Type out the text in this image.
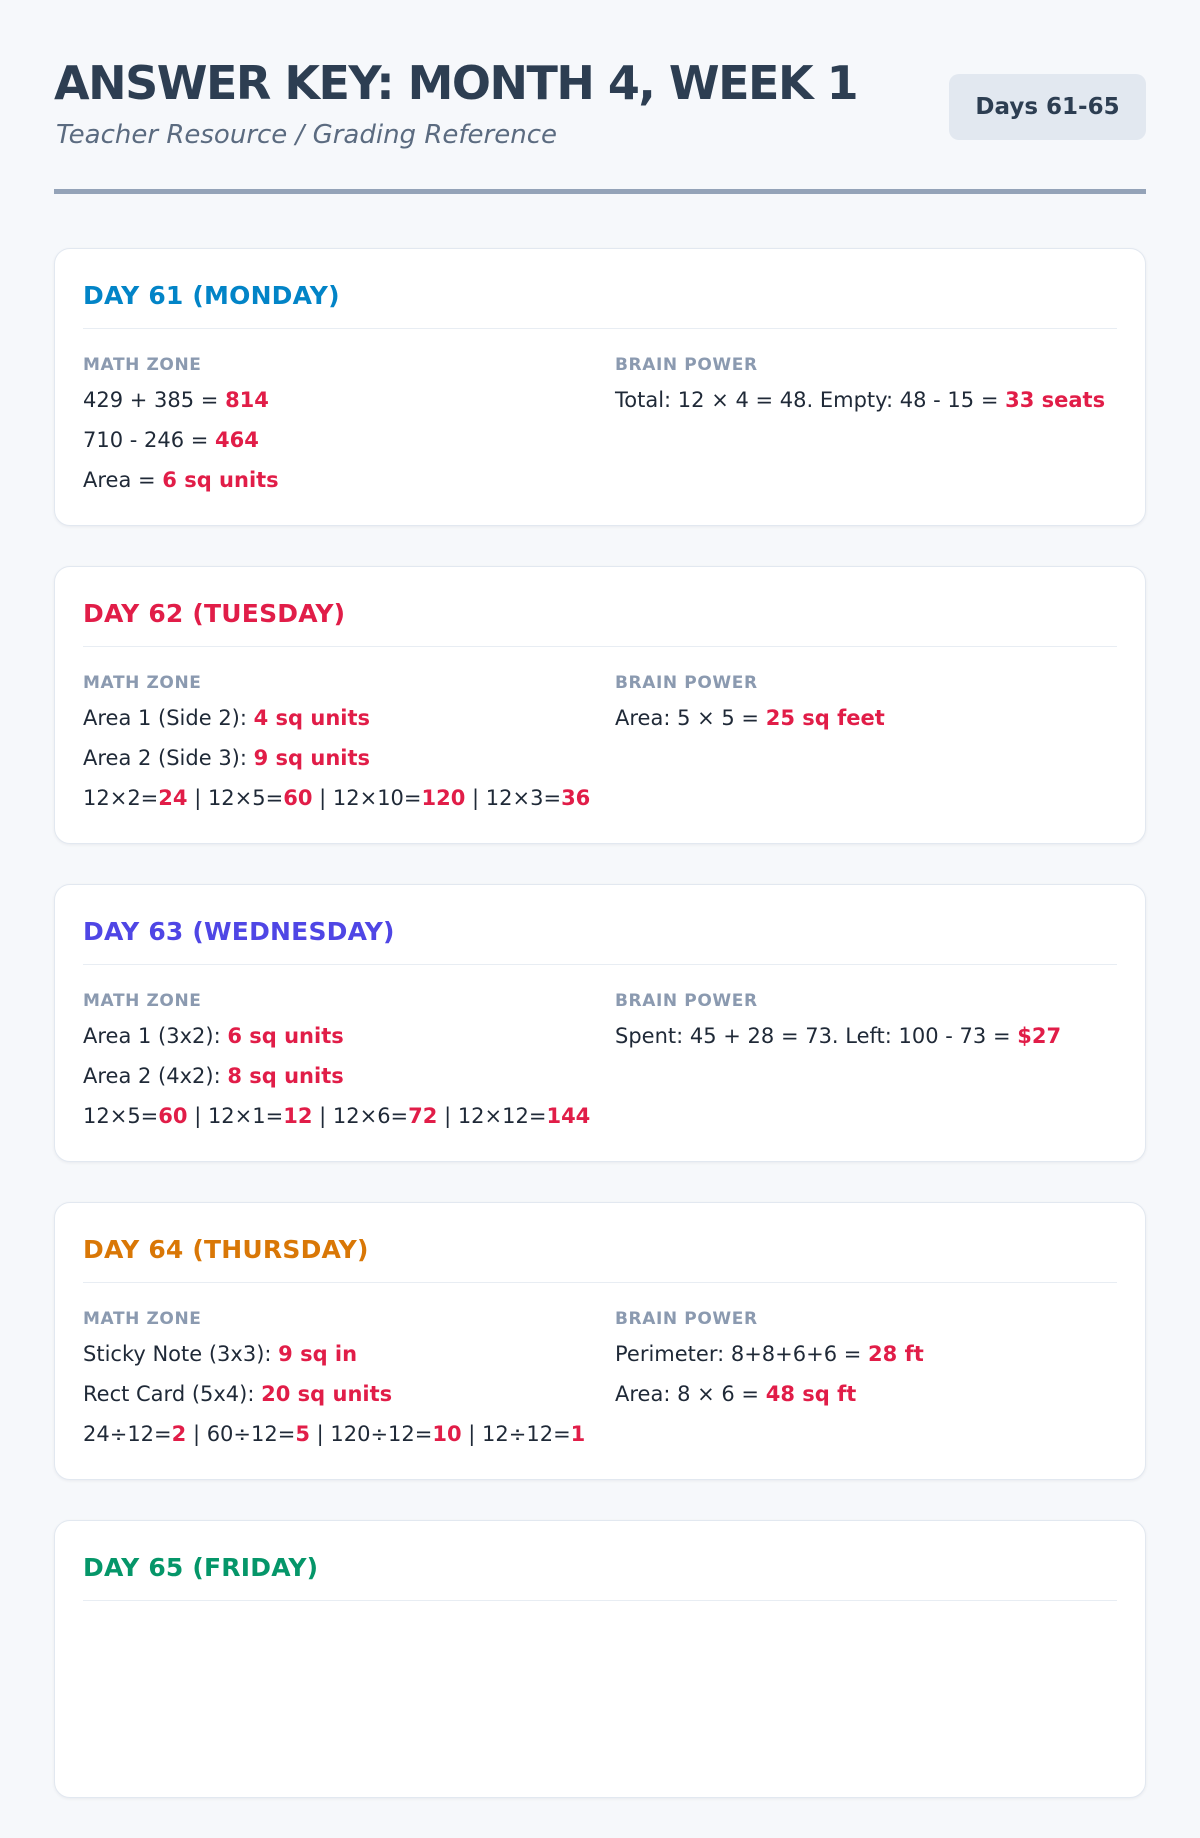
ANSWER KEY: MONTH 4, WEEK 1
Teacher Resource / Grading Reference
Days 61-65
DAY 61 (MONDAY)
MATH ZONE
429 + 385 = 814
710 - 246 = 464
Area = 6 sq units
BRAIN POWER
Total: 12 × 4 = 48. Empty: 48 - 15 = 33 seats
DAY 62 (TUESDAY)
MATH ZONE
Area 1 (Side 2): 4 sq units
Area 2 (Side 3): 9 sq units
12×2=24 | 12×5=60 | 12×10=120 | 12×3=36
BRAIN POWER
Area: 5 × 5 = 25 sq feet
DAY 63 (WEDNESDAY)
MATH ZONE
Area 1 (3x2): 6 sq units
Area 2 (4x2): 8 sq units
12×5=60 | 12×1=12 | 12×6=72 | 12×12=144
BRAIN POWER
Spent: 45 + 28 = 73. Left: 100 - 73 = $27
DAY 64 (THURSDAY)
MATH ZONE
Sticky Note (3x3): 9 sq in
Rect Card (5x4): 20 sq units
24÷12=2 | 60÷12=5 | 120÷12=10 | 12÷12=1
BRAIN POWER
Perimeter: 8+8+6+6 = 28 ft
Area: 8 × 6 = 48 sq ft
DAY 65 (FRIDAY)
